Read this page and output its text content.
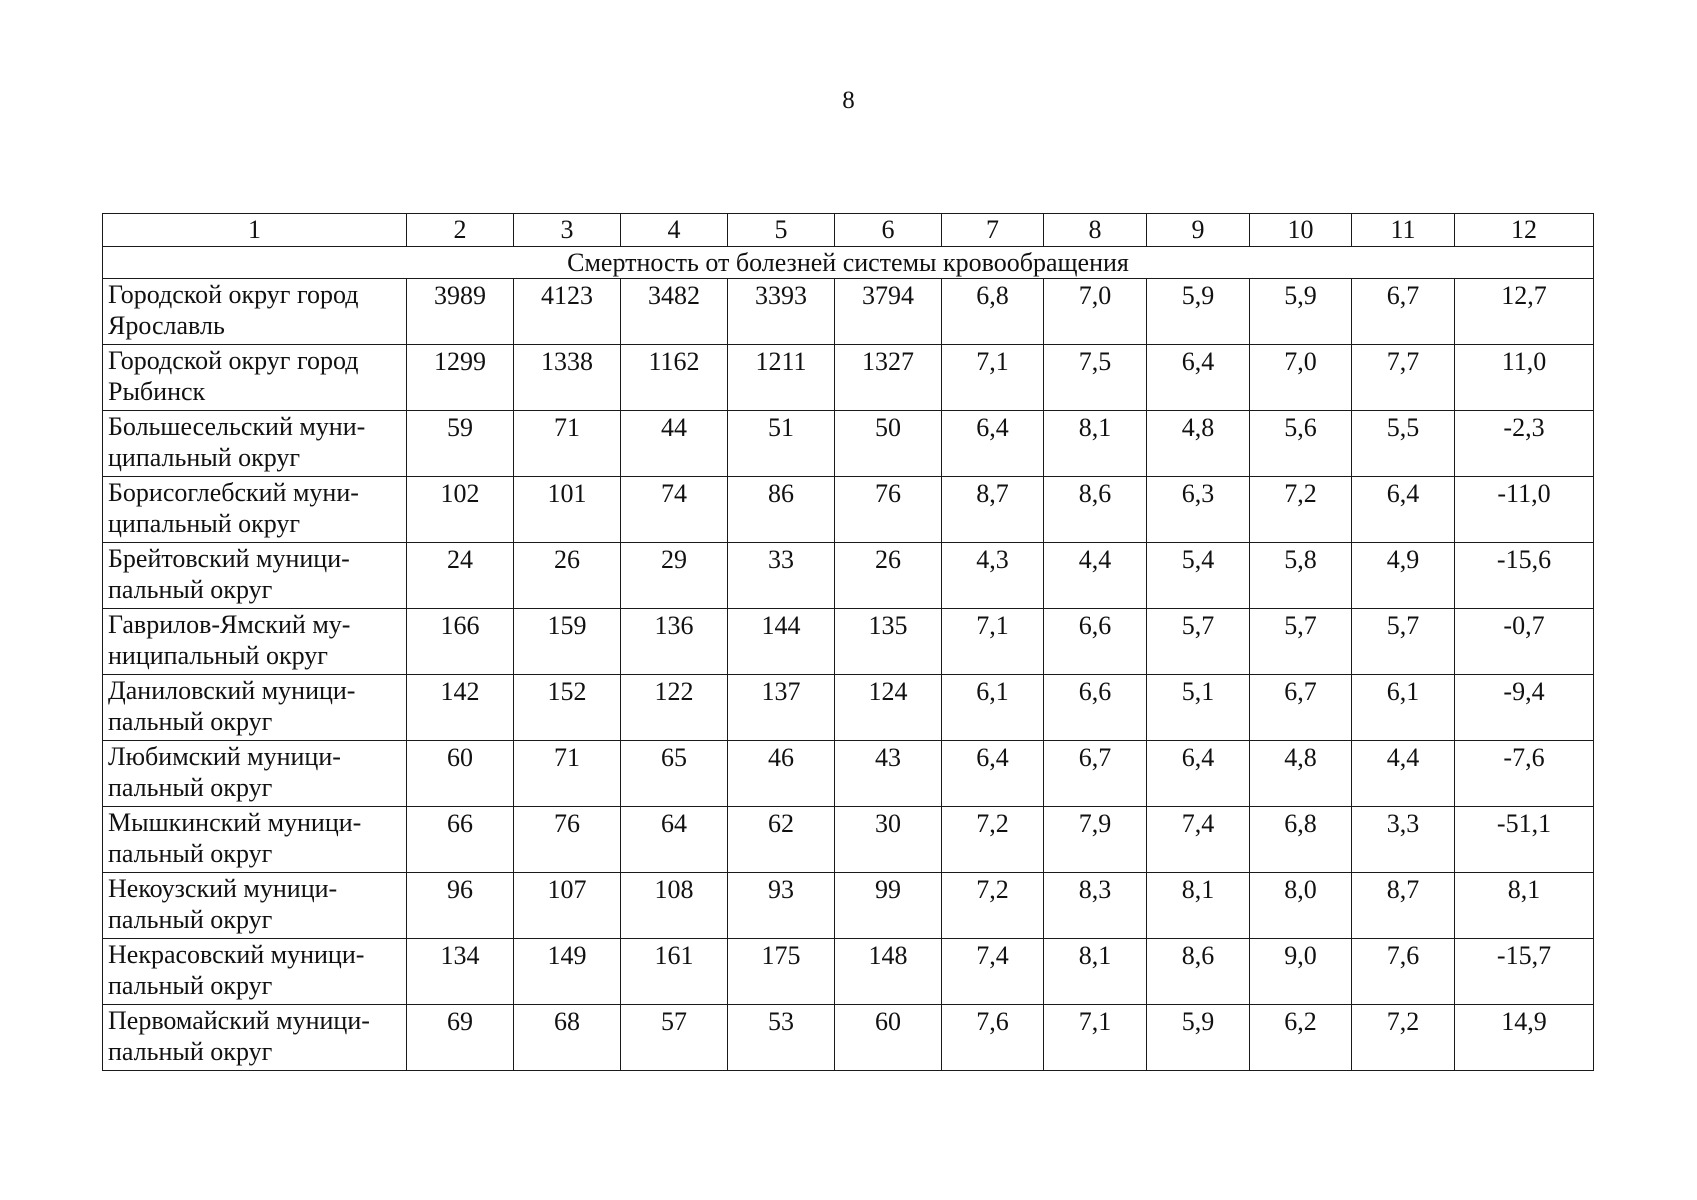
8
1	2	3	4	5	6	7	8	9	10	11	12
Смертность от болезней системы кровообращения											

Городской округ город
Ярославль	3989	4123	3482	3393	3794	6,8	7,0	5,9	5,9	6,7	12,7

Городской округ город
Рыбинск	1299	1338	1162	1211	1327	7,1	7,5	6,4	7,0	7,7	11,0

Большесельский муни-
ципальный округ	59	71	44	51	50	6,4	8,1	4,8	5,6	5,5	-2,3

Борисоглебский муни-
ципальный округ	102	101	74	86	76	8,7	8,6	6,3	7,2	6,4	-11,0

Брейтовский муници-
пальный округ	24	26	29	33	26	4,3	4,4	5,4	5,8	4,9	-15,6

Гаврилов-Ямский му-
ниципальный округ	166	159	136	144	135	7,1	6,6	5,7	5,7	5,7	-0,7

Даниловский муници-
пальный округ	142	152	122	137	124	6,1	6,6	5,1	6,7	6,1	-9,4

Любимский муници-
пальный округ	60	71	65	46	43	6,4	6,7	6,4	4,8	4,4	-7,6

Мышкинский муници-
пальный округ	66	76	64	62	30	7,2	7,9	7,4	6,8	3,3	-51,1

Некоузский муници-
пальный округ	96	107	108	93	99	7,2	8,3	8,1	8,0	8,7	8,1

Некрасовский муници-
пальный округ	134	149	161	175	148	7,4	8,1	8,6	9,0	7,6	-15,7

Первомайский муници-
пальный округ	69	68	57	53	60	7,6	7,1	5,9	6,2	7,2	14,9
